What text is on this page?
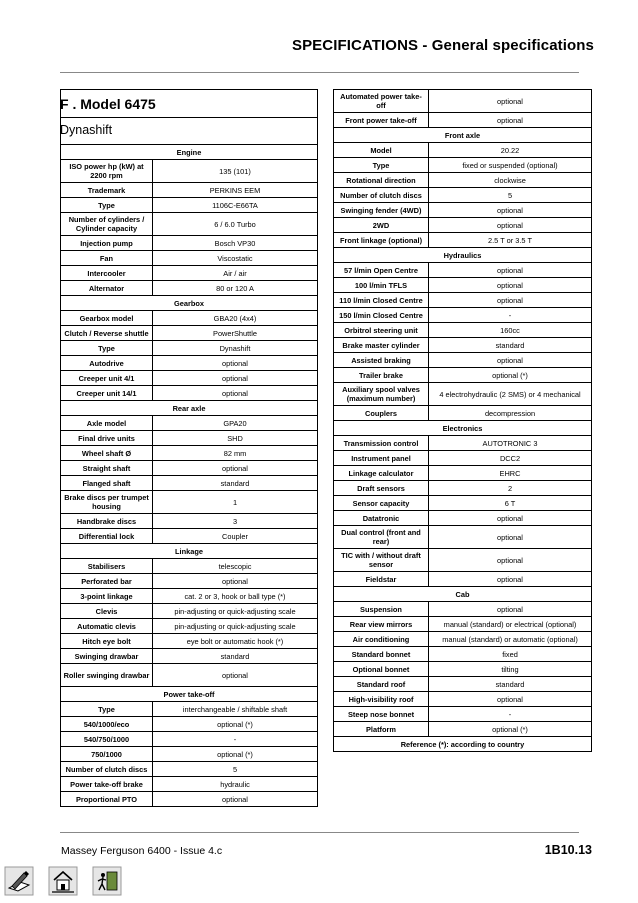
SPECIFICATIONS - General specifications
F . Model 6475
Dynashift
Engine	
ISO power hp (kW) at 2200 rpm	135 (101)
Trademark	PERKINS EEM
Type	1106C-E66TA
Number of cylinders / Cylinder capacity	6 / 6.0 Turbo
Injection pump	Bosch VP30
Fan	Viscostatic
Intercooler	Air / air
Alternator	80 or 120 A
Gearbox	
Gearbox model	GBA20 (4x4)
Clutch / Reverse shuttle	PowerShuttle
Type	Dynashift
Autodrive	optional
Creeper unit 4/1	optional
Creeper unit 14/1	optional
Rear axle	
Axle model	GPA20
Final drive units	SHD
Wheel shaft Ø	82 mm
Straight shaft	optional
Flanged shaft	standard
Brake discs per trumpet housing	1
Handbrake discs	3
Differential lock	Coupler
Linkage	
Stabilisers	telescopic
Perforated bar	optional
3-point linkage	cat. 2 or 3, hook or ball type (*)
Clevis	pin-adjusting or quick-adjusting scale
Automatic clevis	pin-adjusting or quick-adjusting scale
Hitch eye bolt	eye bolt or automatic hook (*)
Swinging drawbar	standard
Roller swinging drawbar	optional
Power take-off	
Type	interchangeable / shiftable shaft
540/1000/eco	optional (*)
540/750/1000	-
750/1000	optional (*)
Number of clutch discs	5
Power take-off brake	hydraulic
Proportional PTO	optional
Automated power take-off	optional
Front power take-off	optional
Front axle	
Model	20.22
Type	fixed or suspended (optional)
Rotational direction	clockwise
Number of clutch discs	5
Swinging fender (4WD)	optional
2WD	optional
Front linkage (optional)	2.5 T or 3.5 T
Hydraulics	
57 l/min Open Centre	optional
100 l/min TFLS	optional
110 l/min Closed Centre	optional
150 l/min Closed Centre	-
Orbitrol steering unit	160cc
Brake master cylinder	standard
Assisted braking	optional
Trailer brake	optional (*)
Auxiliary spool valves (maximum number)	4 electrohydraulic (2 SMS) or 4 mechanical
Couplers	decompression
Electronics	
Transmission control	AUTOTRONIC 3
Instrument panel	DCC2
Linkage calculator	EHRC
Draft sensors	2
Sensor capacity	6 T
Datatronic	optional
Dual control (front and rear)	optional
TIC with / without draft sensor	optional
Fieldstar	optional
Cab	
Suspension	optional
Rear view mirrors	manual (standard) or electrical (optional)
Air conditioning	manual (standard) or automatic (optional)
Standard bonnet	fixed
Optional bonnet	tilting
Standard roof	standard
High-visibility roof	optional
Steep nose bonnet	-
Platform	optional (*)
Reference (*): according to country	
Massey Ferguson 6400 - Issue 4.c	1B10.13
